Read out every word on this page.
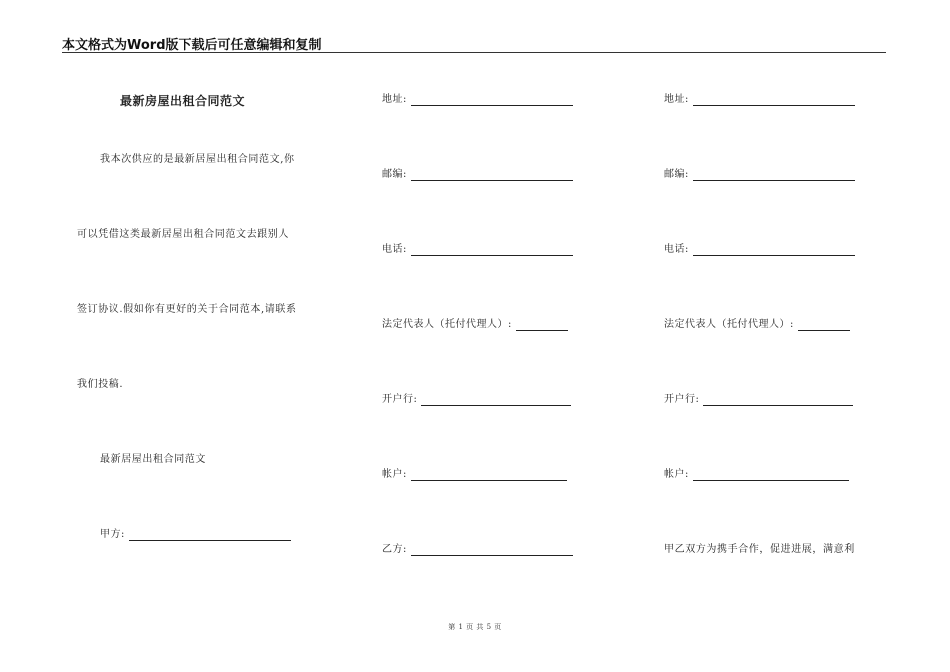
本文格式为Word版下载后可任意编辑和复制
最新房屋出租合同范文
我本次供应的是最新居屋出租合同范文,你
可以凭借这类最新居屋出租合同范文去跟别人
签订协议.假如你有更好的关于合同范本,请联系
我们投稿.
最新居屋出租合同范文
甲方:
地址:
邮编:
电话:
法定代表人（托付代理人）:
开户行:
帐户:
乙方:
地址:
邮编:
电话:
法定代表人（托付代理人）:
开户行:
帐户:
甲乙双方为携手合作，促进进展，满意利
第 1 页 共 5 页
